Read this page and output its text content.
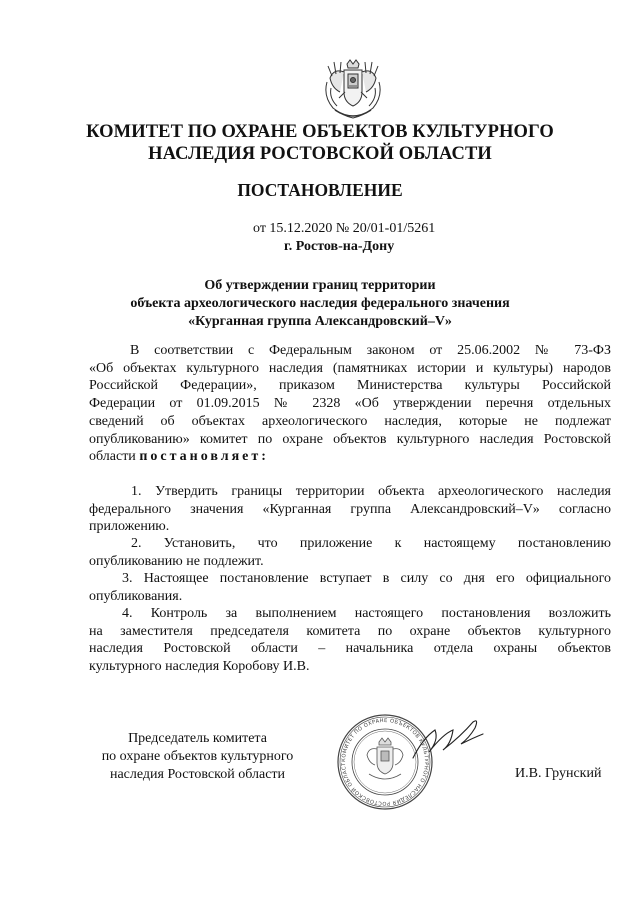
КОМИТЕТ ПО ОХРАНЕ ОБЪЕКТОВ КУЛЬТУРНОГО
НАСЛЕДИЯ РОСТОВСКОЙ ОБЛАСТИ
ПОСТАНОВЛЕНИЕ
от 15.12.2020 № 20/01-01/5261
г. Ростов-на-Дону
Об утверждении границ территории
объекта археологического наследия федерального значения
«Курганная группа Александровский–V»
В соответствии с Федеральным законом от 25.06.2002 № 73-ФЗ
«Об объектах культурного наследия (памятниках истории и культуры) народов
Российской Федерации», приказом Министерства культуры Российской
Федерации от 01.09.2015 № 2328 «Об утверждении перечня отдельных
сведений об объектах археологического наследия, которые не подлежат
опубликованию» комитет по охране объектов культурного наследия Ростовской
области постановляет:
1. Утвердить границы территории объекта археологического наследия
федерального значения «Курганная группа Александровский–V» согласно
приложению.
2. Установить, что приложение к настоящему постановлению
опубликованию не подлежит.
3. Настоящее постановление вступает в силу со дня его официального
опубликования.
4. Контроль за выполнением настоящего постановления возложить
на заместителя председателя комитета по охране объектов культурного
наследия Ростовской области – начальника отдела охраны объектов
культурного наследия Коробову И.В.
Председатель комитета
по охране объектов культурного
наследия Ростовской области
КОМИТЕТ ПО ОХРАНЕ ОБЪЕКТОВ КУЛЬТУРНОГО НАСЛЕДИЯ РОСТОВСКОЙ ОБЛАСТ
И.В. Грунский
